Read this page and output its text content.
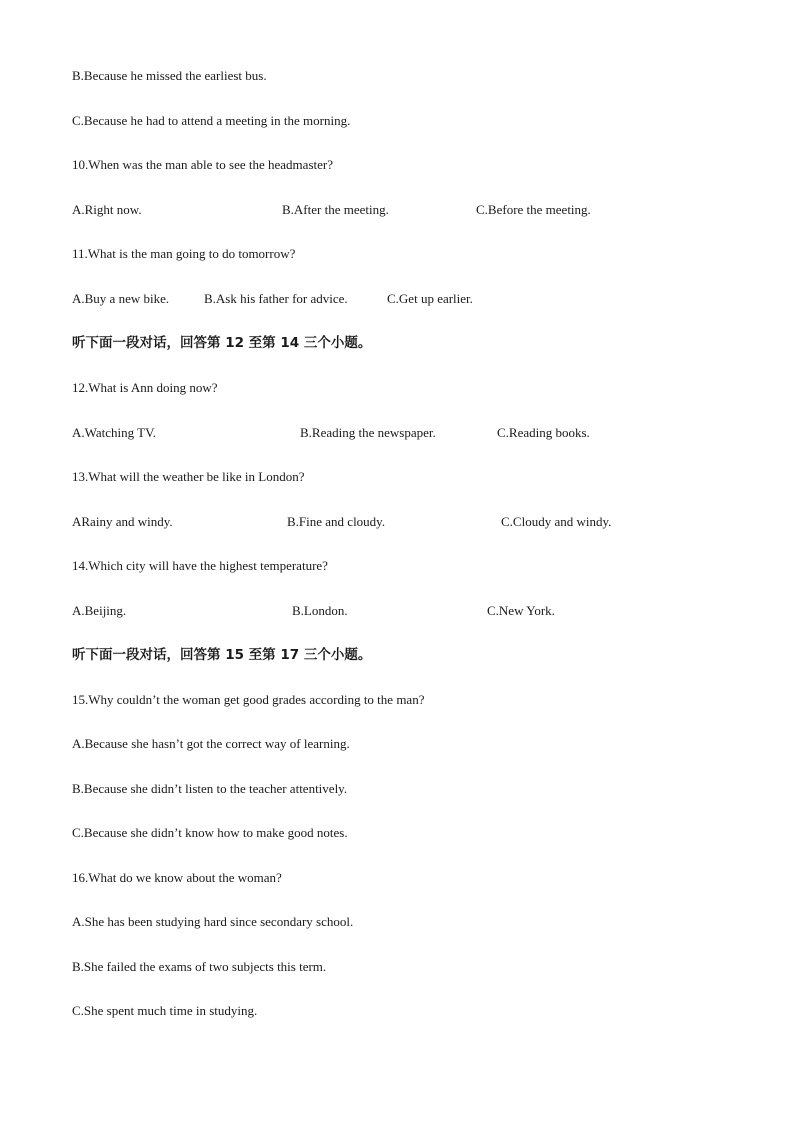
B.Because he missed the earliest bus.
C.Because he had to attend a meeting in the morning.
10.When was the man able to see the headmaster?
A.Right now.	B.After the meeting.	C.Before the meeting.
11.What is the man going to do tomorrow?
A.Buy a new bike.	B.Ask his father for advice.	C.Get up earlier.
听下面一段对话，回答第 12 至第 14 三个小题。
12.What is Ann doing now?
A.Watching TV.	B.Reading the newspaper.	C.Reading books.
13.What will the weather be like in London?
ARainy and windy.	B.Fine and cloudy.	C.Cloudy and windy.
14.Which city will have the highest temperature?
A.Beijing.	B.London.	C.New York.
听下面一段对话，回答第 15 至第 17 三个小题。
15.Why couldn’t the woman get good grades according to the man?
A.Because she hasn’t got the correct way of learning.
B.Because she didn’t listen to the teacher attentively.
C.Because she didn’t know how to make good notes.
16.What do we know about the woman?
A.She has been studying hard since secondary school.
B.She failed the exams of two subjects this term.
C.She spent much time in studying.
